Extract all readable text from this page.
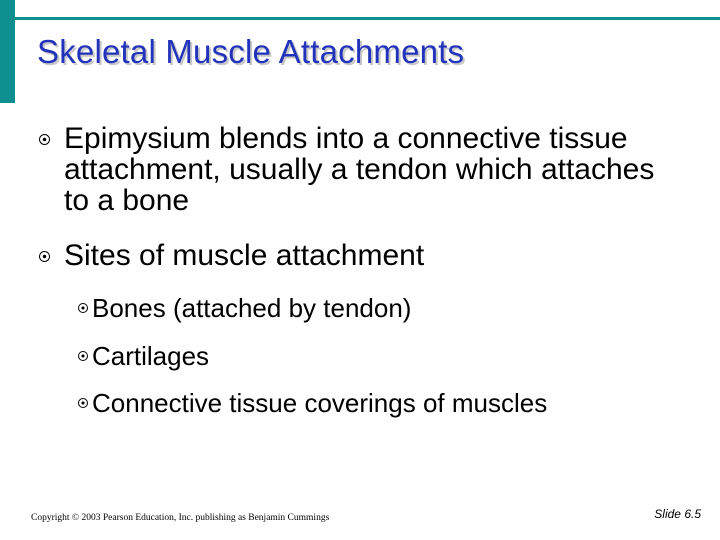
Skeletal Muscle Attachments
Epimysium blends into a connective tissue attachment, usually a tendon which attaches to a bone
Sites of muscle attachment
Bones (attached by tendon)
Cartilages
Connective tissue coverings of muscles
Copyright © 2003 Pearson Education, Inc. publishing as Benjamin Cummings	Slide 6.5
